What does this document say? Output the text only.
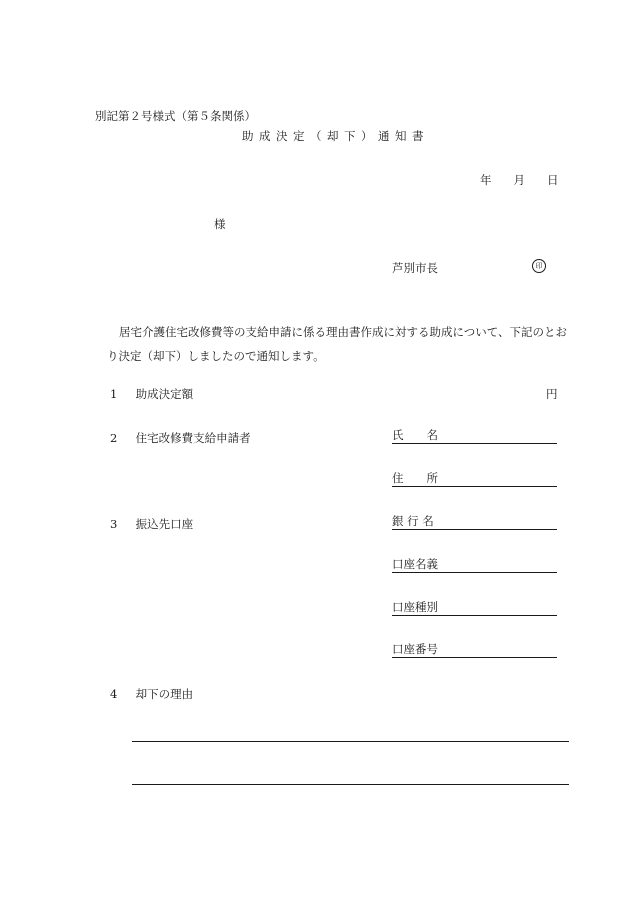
別記第２号様式（第５条関係）
助成決定（却下）通知書
年 月 日
様
芦別市長	印
居宅介護住宅改修費等の支給申請に係る理由書作成に対する助成について、下記のとおり決定（却下）しましたので通知します。
1 助成決定額	円
2 住宅改修費支給申請者	氏　　名
住　　所
3 振込先口座	銀 行 名
口座名義
口座種別
口座番号
4 却下の理由
